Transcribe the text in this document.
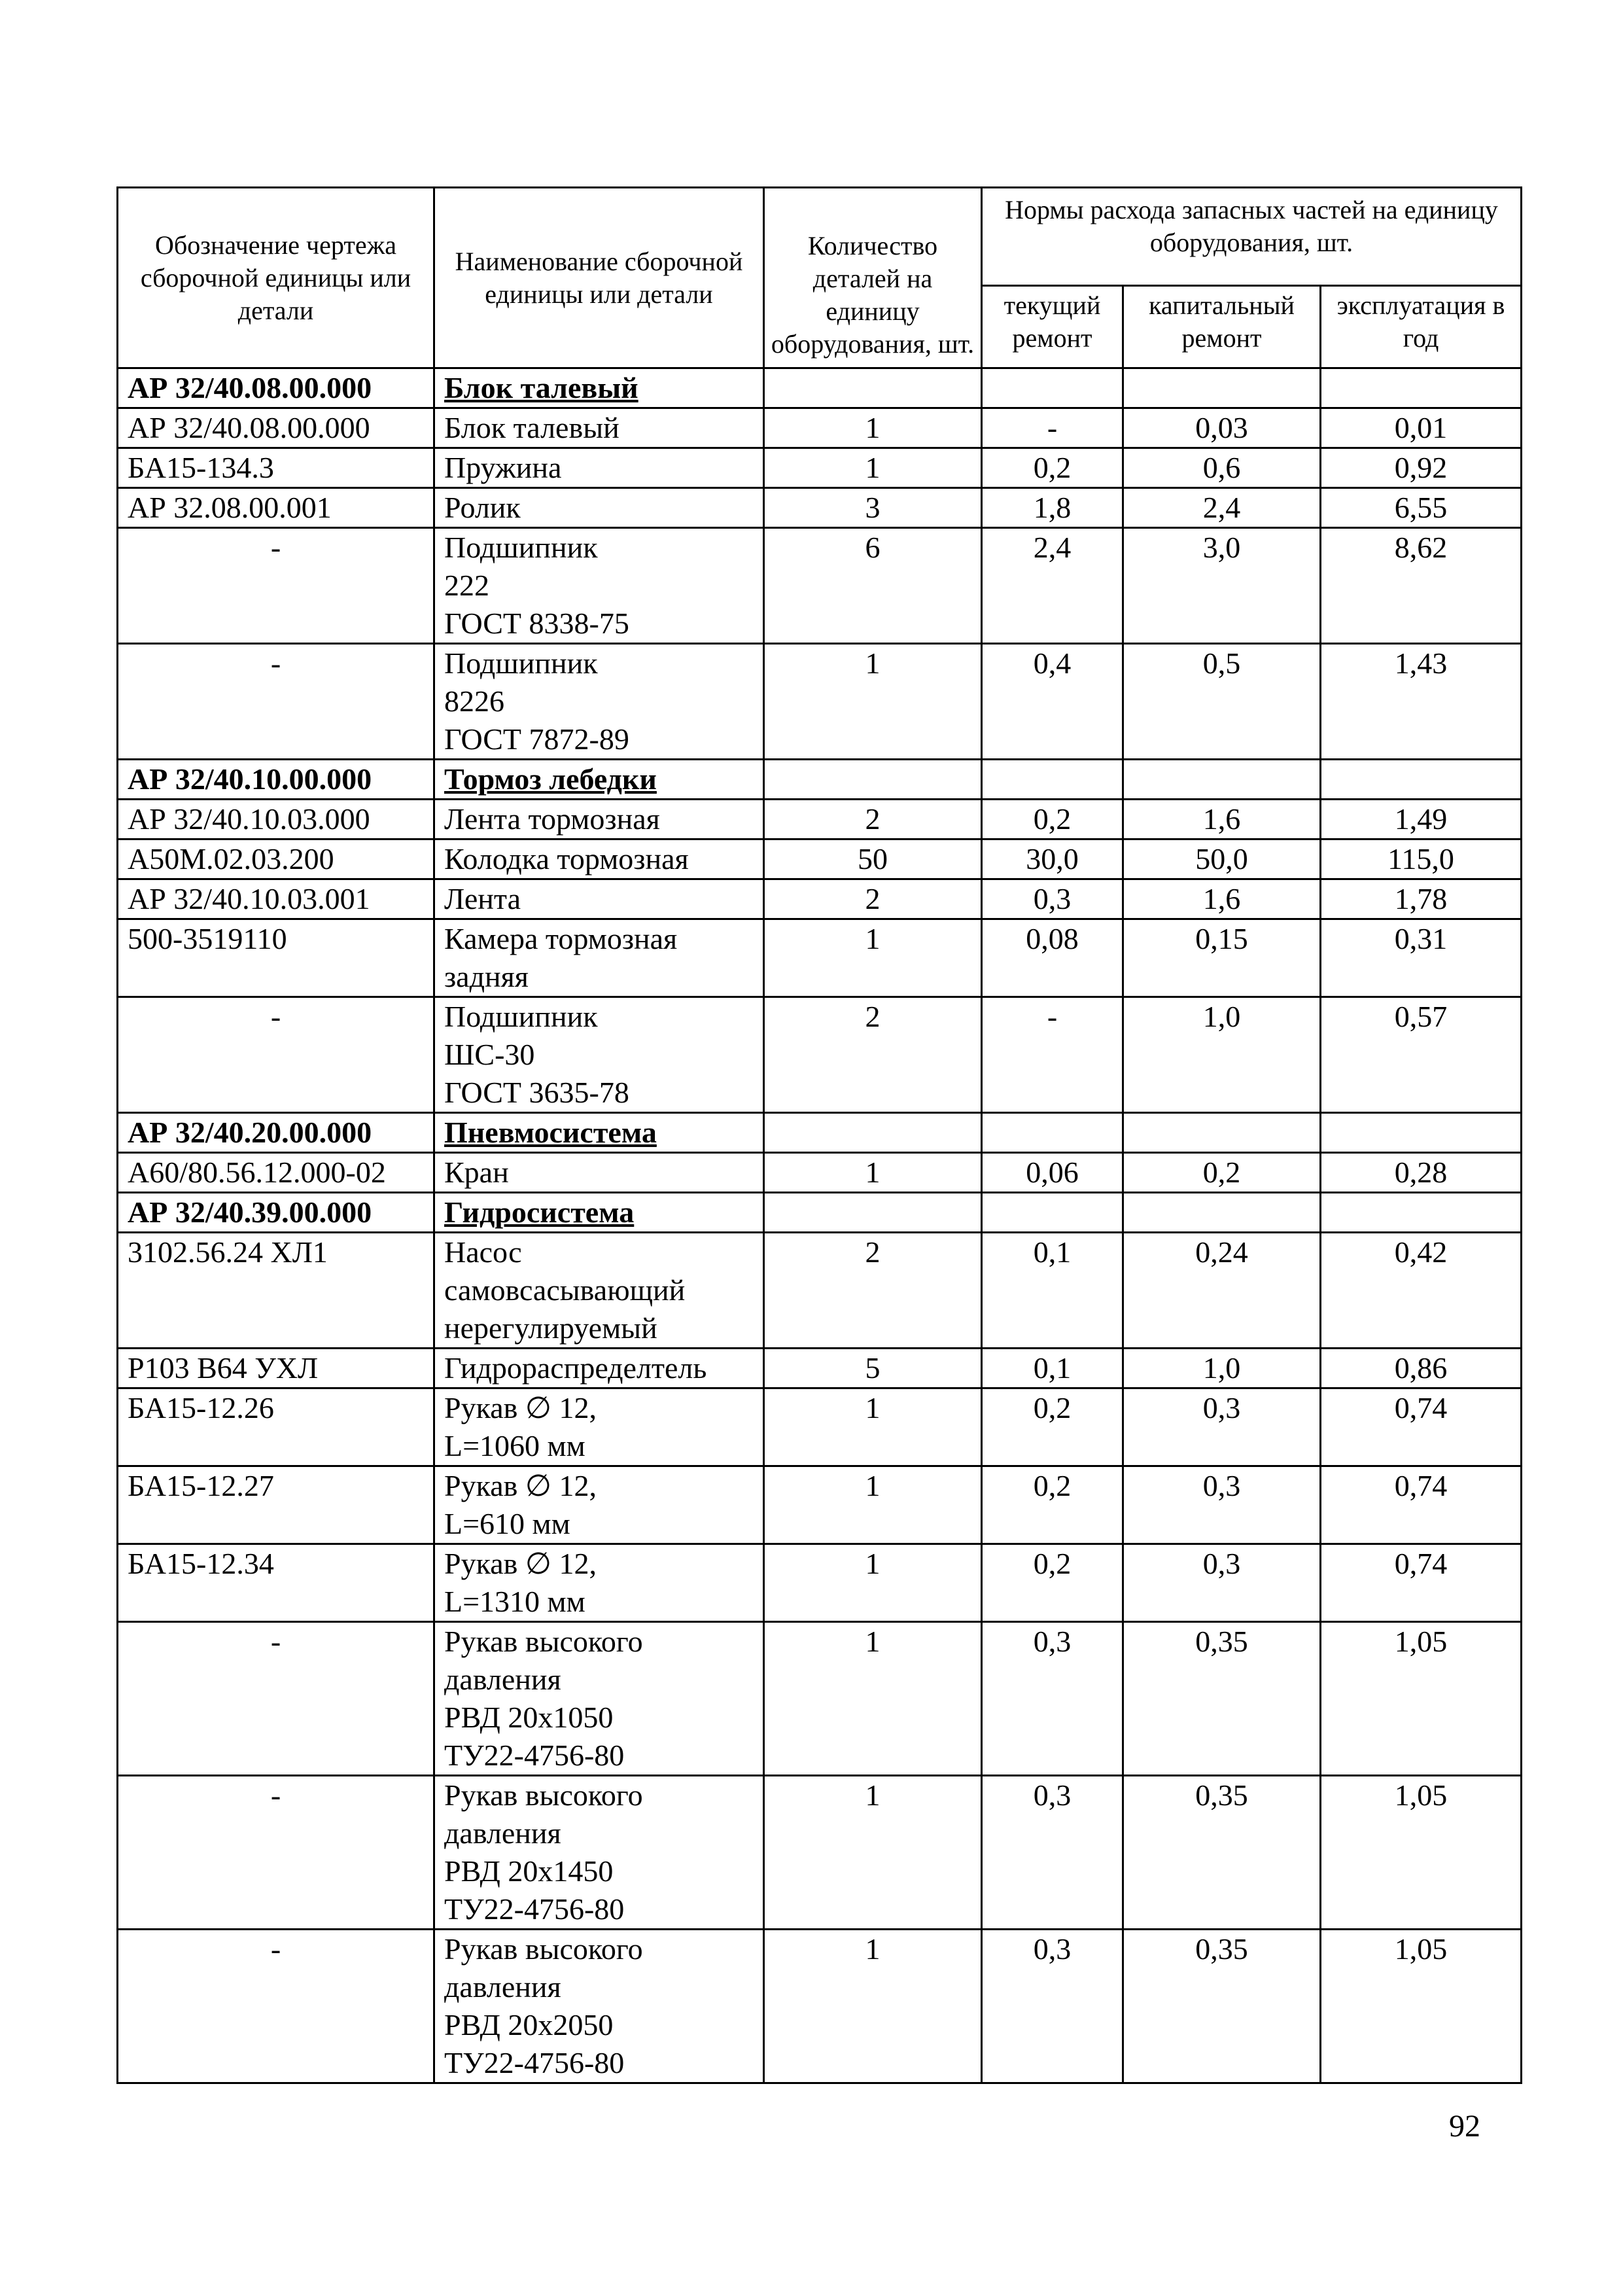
Обозначение чертежа сборочной единицы или детали	Наименование сборочной единицы или детали	Количество деталей на единицу оборудования, шт.	Нормы расхода запасных частей на единицу оборудования, шт.		
			текущий ремонт	капитальный ремонт	эксплуатация в год
АР 32/40.08.00.000	Блок талевый				
АР 32/40.08.00.000	Блок талевый	1	-	0,03	0,01
БА15-134.3	Пружина	1	0,2	0,6	0,92
АР 32.08.00.001	Ролик	3	1,8	2,4	6,55
-	Подшипник
222
ГОСТ 8338-75	6	2,4	3,0	8,62
-	Подшипник
8226
ГОСТ 7872-89	1	0,4	0,5	1,43
АР 32/40.10.00.000	Тормоз лебедки				
АР 32/40.10.03.000	Лента тормозная	2	0,2	1,6	1,49
А50М.02.03.200	Колодка тормозная	50	30,0	50,0	115,0
АР 32/40.10.03.001	Лента	2	0,3	1,6	1,78
500-3519110	Камера тормозная
задняя	1	0,08	0,15	0,31
-	Подшипник
ШС-30
ГОСТ 3635-78	2	-	1,0	0,57
АР 32/40.20.00.000	Пневмосистема				
А60/80.56.12.000-02	Кран	1	0,06	0,2	0,28
АР 32/40.39.00.000	Гидросистема				
3102.56.24 ХЛ1	Насос
самовсасывающий
нерегулируемый	2	0,1	0,24	0,42
Р103 В64 УХЛ	Гидрораспределтель	5	0,1	1,0	0,86
БА15-12.26	Рукав ∅ 12,
L=1060 мм	1	0,2	0,3	0,74
БА15-12.27	Рукав ∅ 12,
L=610 мм	1	0,2	0,3	0,74
БА15-12.34	Рукав ∅ 12,
L=1310 мм	1	0,2	0,3	0,74
-	Рукав высокого
давления
РВД 20х1050
ТУ22-4756-80	1	0,3	0,35	1,05
-	Рукав высокого
давления
РВД 20х1450
ТУ22-4756-80	1	0,3	0,35	1,05
-	Рукав высокого
давления
РВД 20х2050
ТУ22-4756-80	1	0,3	0,35	1,05
92
